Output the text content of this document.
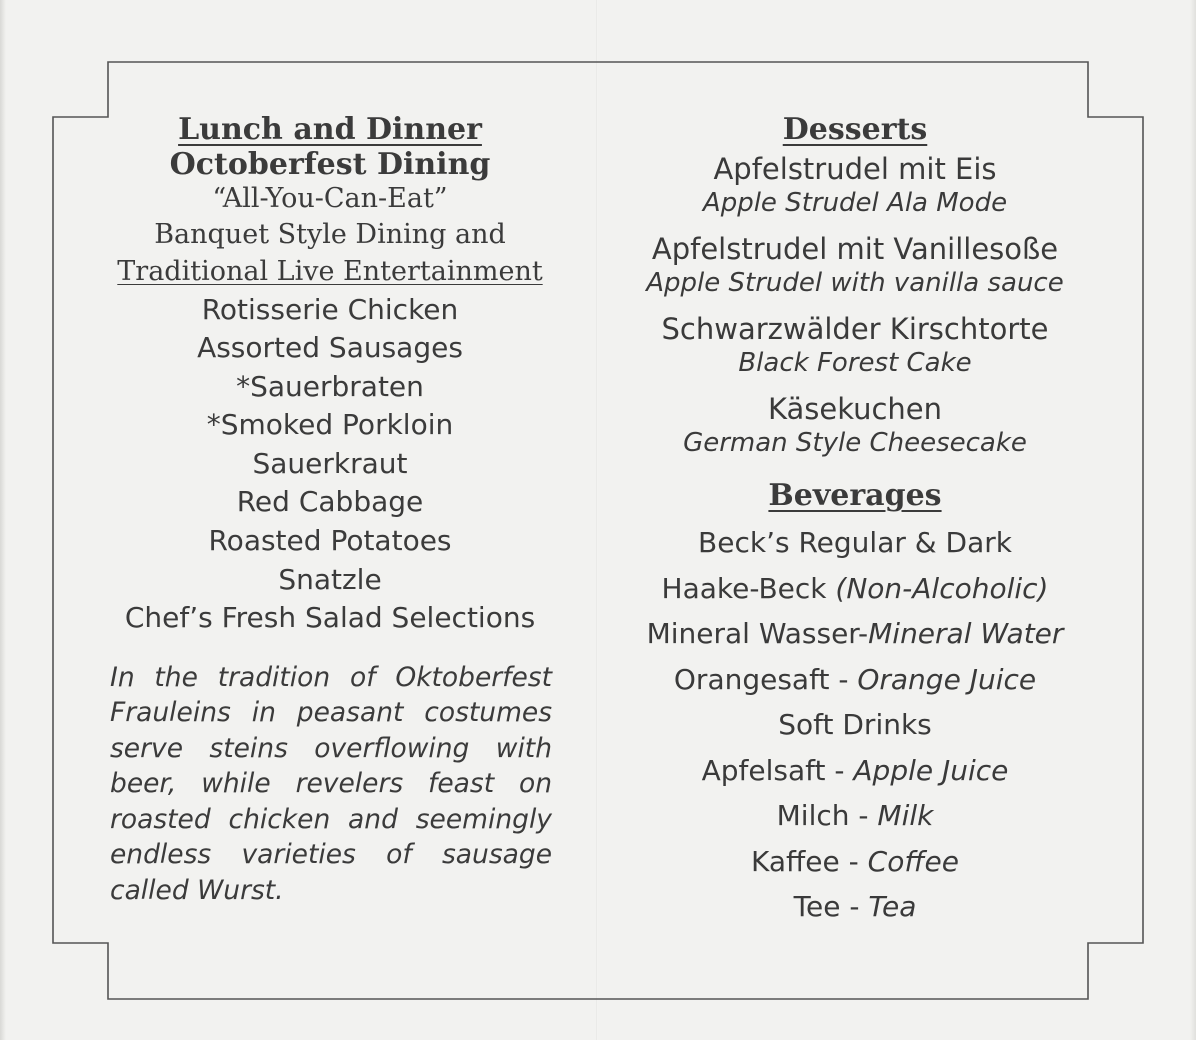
Lunch and Dinner
Octoberfest Dining
“All-You-Can-Eat”
Banquet Style Dining and
Traditional Live Entertainment
Rotisserie Chicken
Assorted Sausages
*Sauerbraten
*Smoked Porkloin
Sauerkraut
Red Cabbage
Roasted Potatoes
Snatzle
Chef’s Fresh Salad Selections
In the tradition of Oktoberfest Frauleins in peasant costumes serve steins overflowing with beer, while revelers feast on roasted chicken and seemingly endless varieties of sausage called Wurst.
Desserts
Apfelstrudel mit Eis
Apple Strudel Ala Mode
Apfelstrudel mit Vanillesoße
Apple Strudel with vanilla sauce
Schwarzwälder Kirschtorte
Black Forest Cake
Käsekuchen
German Style Cheesecake
Beverages
Beck’s Regular & Dark
Haake-Beck (Non-Alcoholic)
Mineral Wasser-Mineral Water
Orangesaft - Orange Juice
Soft Drinks
Apfelsaft - Apple Juice
Milch - Milk
Kaffee - Coffee
Tee - Tea
